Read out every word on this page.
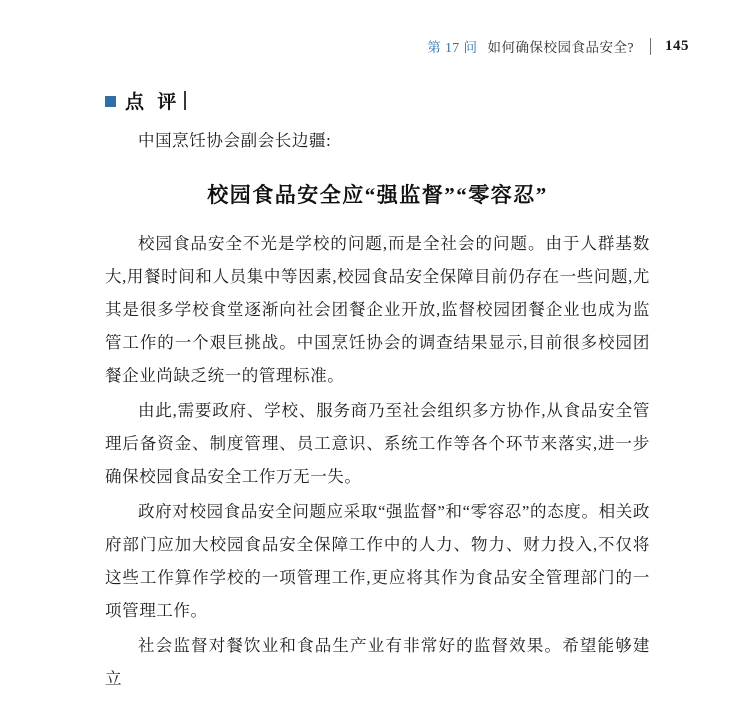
第 17 问 如何确保校园食品安全? 145
点 评

中国烹饪协会副会长边疆:

校园食品安全应“强监督”“零容忍”

校园食品安全不光是学校的问题,而是全社会的问题。由于人群基数大,用餐时间和人员集中等因素,校园食品安全保障目前仍存在一些问题,尤其是很多学校食堂逐渐向社会团餐企业开放,监督校园团餐企业也成为监管工作的一个艰巨挑战。中国烹饪协会的调查结果显示,目前很多校园团餐企业尚缺乏统一的管理标准。

由此,需要政府、学校、服务商乃至社会组织多方协作,从食品安全管理后备资金、制度管理、员工意识、系统工作等各个环节来落实,进一步确保校园食品安全工作万无一失。

政府对校园食品安全问题应采取“强监督”和“零容忍”的态度。相关政府部门应加大校园食品安全保障工作中的人力、物力、财力投入,不仅将这些工作算作学校的一项管理工作,更应将其作为食品安全管理部门的一项管理工作。

社会监督对餐饮业和食品生产业有非常好的监督效果。希望能够建立
